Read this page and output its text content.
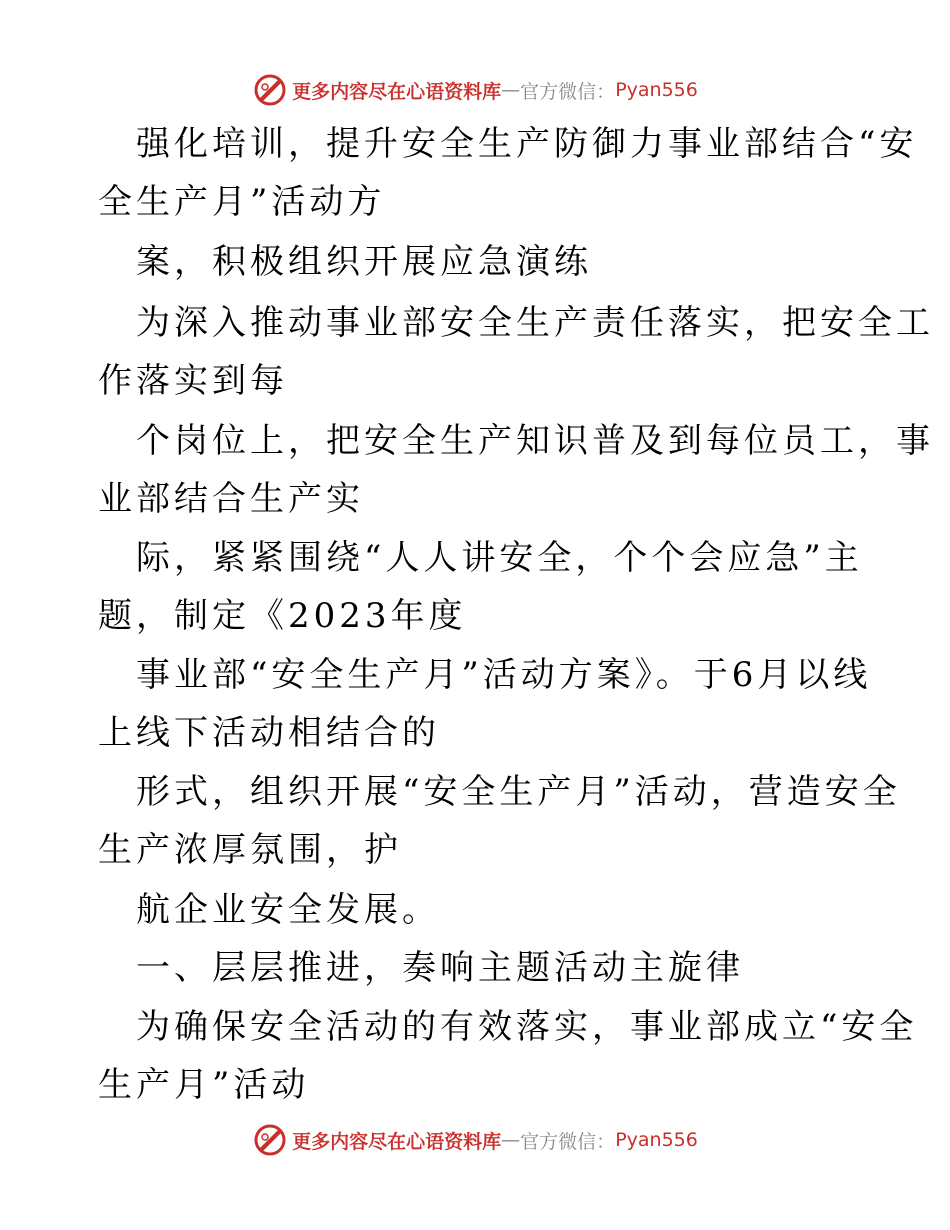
更多内容尽在心语资料库 — 官方微信： Pyan556
强化培训，提升安全生产防御力事业部结合“安
全生产月”活动方
案，积极组织开展应急演练
为深入推动事业部安全生产责任落实，把安全工
作落实到每
个岗位上，把安全生产知识普及到每位员工，事
业部结合生产实
际，紧紧围绕“人人讲安全，个个会应急”主
题，制定《2023年度
事业部“安全生产月”活动方案》。于6月以线
上线下活动相结合的
形式，组织开展“安全生产月”活动，营造安全
生产浓厚氛围，护
航企业安全发展。
一、层层推进，奏响主题活动主旋律
为确保安全活动的有效落实，事业部成立“安全
生产月”活动
更多内容尽在心语资料库 — 官方微信： Pyan556
